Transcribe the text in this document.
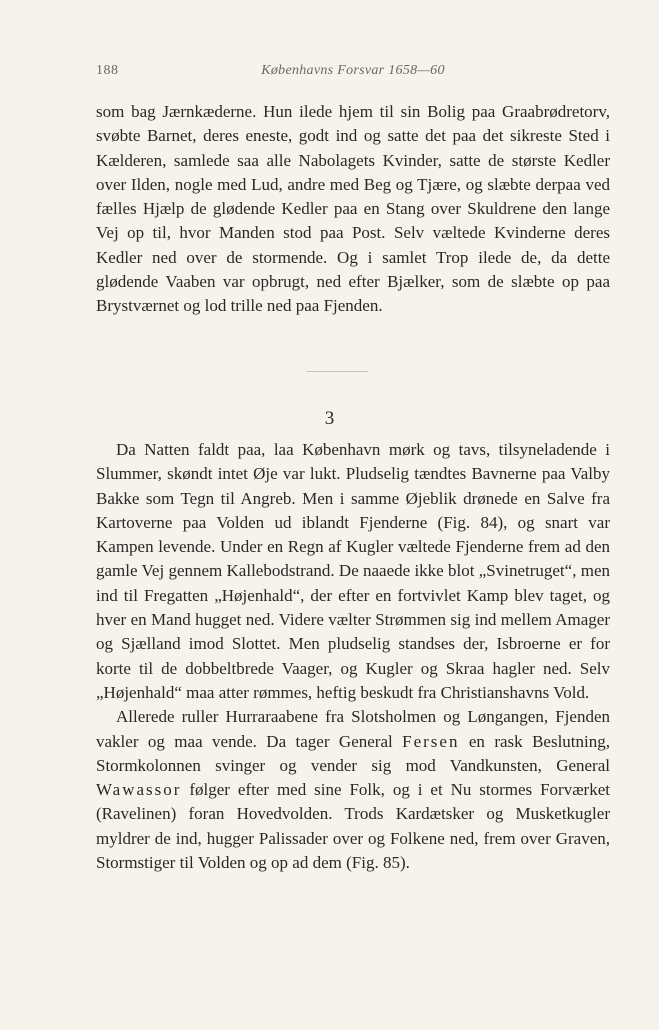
188	Københavns Forsvar 1658—60

som bag Jærnkæderne. Hun ilede hjem til sin Bolig paa Graabrødretorv, svøbte Barnet, deres eneste, godt ind og satte det paa det sikreste Sted i Kælderen, samlede saa alle Nabolagets Kvinder, satte de største Kedler over Ilden, nogle med Lud, andre med Beg og Tjære, og slæbte derpaa ved fælles Hjælp de glødende Kedler paa en Stang over Skuldrene den lange Vej op til, hvor Manden stod paa Post. Selv væltede Kvinderne deres Kedler ned over de stormende. Og i samlet Trop ilede de, da dette glødende Vaaben var opbrugt, ned efter Bjælker, som de slæbte op paa Brystværnet og lod trille ned paa Fjenden.

3

Da Natten faldt paa, laa København mørk og tavs, tilsyneladende i Slummer, skøndt intet Øje var lukt. Pludselig tændtes Bavnerne paa Valby Bakke som Tegn til Angreb. Men i samme Øjeblik drønede en Salve fra Kartoverne paa Volden ud iblandt Fjenderne (Fig. 84), og snart var Kampen levende. Under en Regn af Kugler væltede Fjenderne frem ad den gamle Vej gennem Kallebodstrand. De naaede ikke blot „Svinetruget“, men ind til Fregatten „Højenhald“, der efter en fortvivlet Kamp blev taget, og hver en Mand hugget ned. Videre vælter Strømmen sig ind mellem Amager og Sjælland imod Slottet. Men pludselig standses der, Isbroerne er for korte til de dobbeltbrede Vaager, og Kugler og Skraa hagler ned. Selv „Højenhald“ maa atter rømmes, heftig beskudt fra Christianshavns Vold.

Allerede ruller Hurraraabene fra Slotsholmen og Løngangen, Fjenden vakler og maa vende. Da tager General Fersen en rask Beslutning, Stormkolonnen svinger og vender sig mod Vandkunsten, General Wawassor følger efter med sine Folk, og i et Nu stormes Forværket (Ravelinen) foran Hovedvolden. Trods Kardætsker og Musketkugler myldrer de ind, hugger Palissader over og Folkene ned, frem over Graven, Stormstiger til Volden og op ad dem (Fig. 85).
